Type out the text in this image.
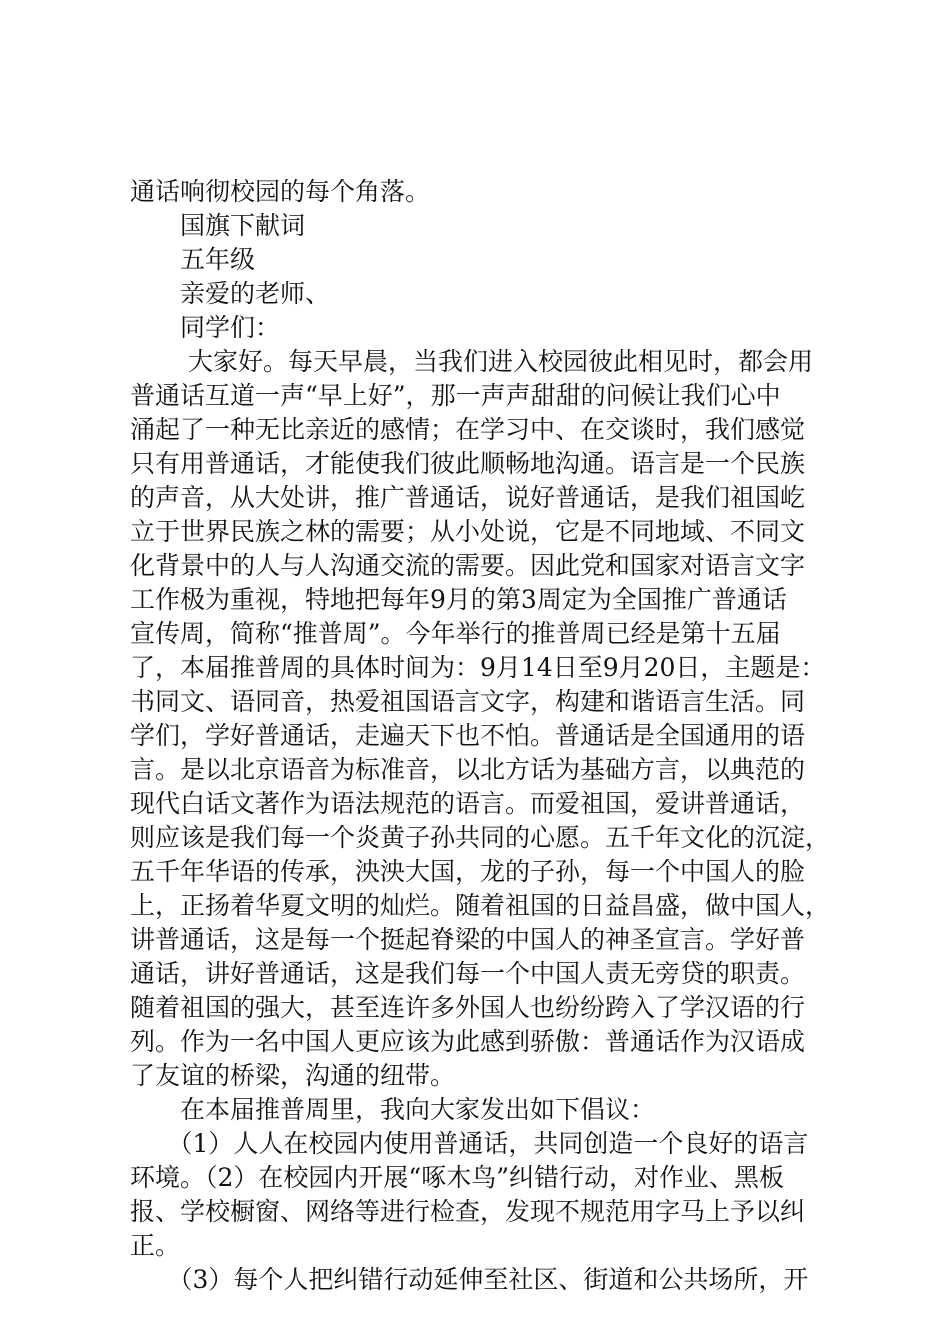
通话响彻校园的每个角落。
　　国旗下献词
　　五年级
　　亲爱的老师、
　　同学们：
　　 大家好。每天早晨，当我们进入校园彼此相见时，都会用
普通话互道一声“早上好”，那一声声甜甜的问候让我们心中
涌起了一种无比亲近的感情；在学习中、在交谈时，我们感觉
只有用普通话，才能使我们彼此顺畅地沟通。语言是一个民族
的声音，从大处讲，推广普通话，说好普通话，是我们祖国屹
立于世界民族之林的需要；从小处说，它是不同地域、不同文
化背景中的人与人沟通交流的需要。因此党和国家对语言文字
工作极为重视，特地把每年9月的第3周定为全国推广普通话
宣传周，简称“推普周”。今年举行的推普周已经是第十五届
了，本届推普周的具体时间为：9月14日至9月20日，主题是：
书同文、语同音，热爱祖国语言文字，构建和谐语言生活。同
学们，学好普通话，走遍天下也不怕。普通话是全国通用的语
言。是以北京语音为标准音，以北方话为基础方言，以典范的
现代白话文著作为语法规范的语言。而爱祖国，爱讲普通话，
则应该是我们每一个炎黄子孙共同的心愿。五千年文化的沉淀，
五千年华语的传承，泱泱大国，龙的子孙，每一个中国人的脸
上，正扬着华夏文明的灿烂。随着祖国的日益昌盛，做中国人，
讲普通话，这是每一个挺起脊梁的中国人的神圣宣言。学好普
通话，讲好普通话，这是我们每一个中国人责无旁贷的职责。
随着祖国的强大，甚至连许多外国人也纷纷跨入了学汉语的行
列。作为一名中国人更应该为此感到骄傲：普通话作为汉语成
了友谊的桥梁，沟通的纽带。
　　在本届推普周里，我向大家发出如下倡议：
　　（1）人人在校园内使用普通话，共同创造一个良好的语言
环境。（2）在校园内开展“啄木鸟”纠错行动，对作业、黑板
报、学校橱窗、网络等进行检查，发现不规范用字马上予以纠
正。
　　（3）每个人把纠错行动延伸至社区、街道和公共场所，开
